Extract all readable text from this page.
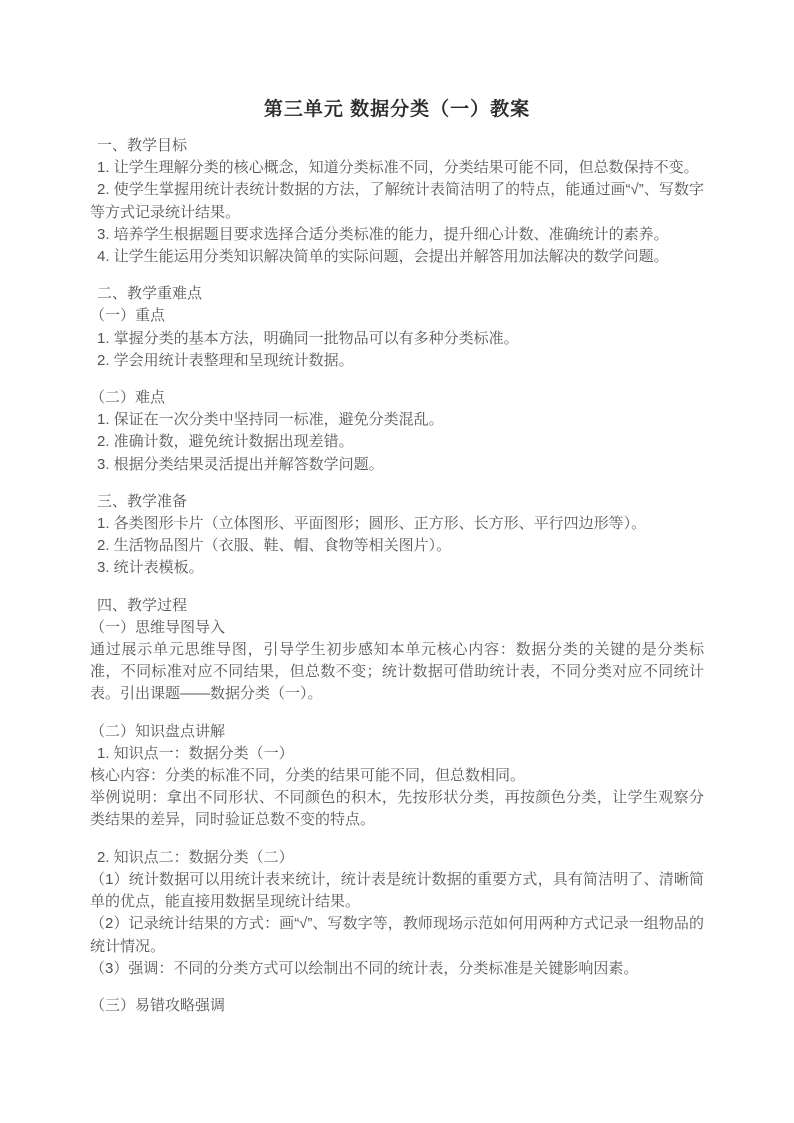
第三单元 数据分类（一）教案

一、教学目标

1. 让学生理解分类的核心概念，知道分类标准不同，分类结果可能不同，但总数保持不变。

2. 使学生掌握用统计表统计数据的方法，了解统计表简洁明了的特点，能通过画“√”、写数字等方式记录统计结果。

3. 培养学生根据题目要求选择合适分类标准的能力，提升细心计数、准确统计的素养。

4. 让学生能运用分类知识解决简单的实际问题，会提出并解答用加法解决的数学问题。

二、教学重难点

（一）重点

1. 掌握分类的基本方法，明确同一批物品可以有多种分类标准。

2. 学会用统计表整理和呈现统计数据。

（二）难点

1. 保证在一次分类中坚持同一标准，避免分类混乱。

2. 准确计数，避免统计数据出现差错。

3. 根据分类结果灵活提出并解答数学问题。

三、教学准备

1. 各类图形卡片（立体图形、平面图形；圆形、正方形、长方形、平行四边形等）。

2. 生活物品图片（衣服、鞋、帽、食物等相关图片）。

3. 统计表模板。

四、教学过程

（一）思维导图导入

通过展示单元思维导图，引导学生初步感知本单元核心内容：数据分类的关键的是分类标准，不同标准对应不同结果，但总数不变；统计数据可借助统计表，不同分类对应不同统计表。引出课题——数据分类（一）。

（二）知识盘点讲解

1. 知识点一：数据分类（一）

核心内容：分类的标准不同，分类的结果可能不同，但总数相同。

举例说明：拿出不同形状、不同颜色的积木，先按形状分类，再按颜色分类，让学生观察分类结果的差异，同时验证总数不变的特点。

2. 知识点二：数据分类（二）

（1）统计数据可以用统计表来统计，统计表是统计数据的重要方式，具有简洁明了、清晰简单的优点，能直接用数据呈现统计结果。

（2）记录统计结果的方式：画“√”、写数字等，教师现场示范如何用两种方式记录一组物品的统计情况。

（3）强调：不同的分类方式可以绘制出不同的统计表，分类标准是关键影响因素。

（三）易错攻略强调
